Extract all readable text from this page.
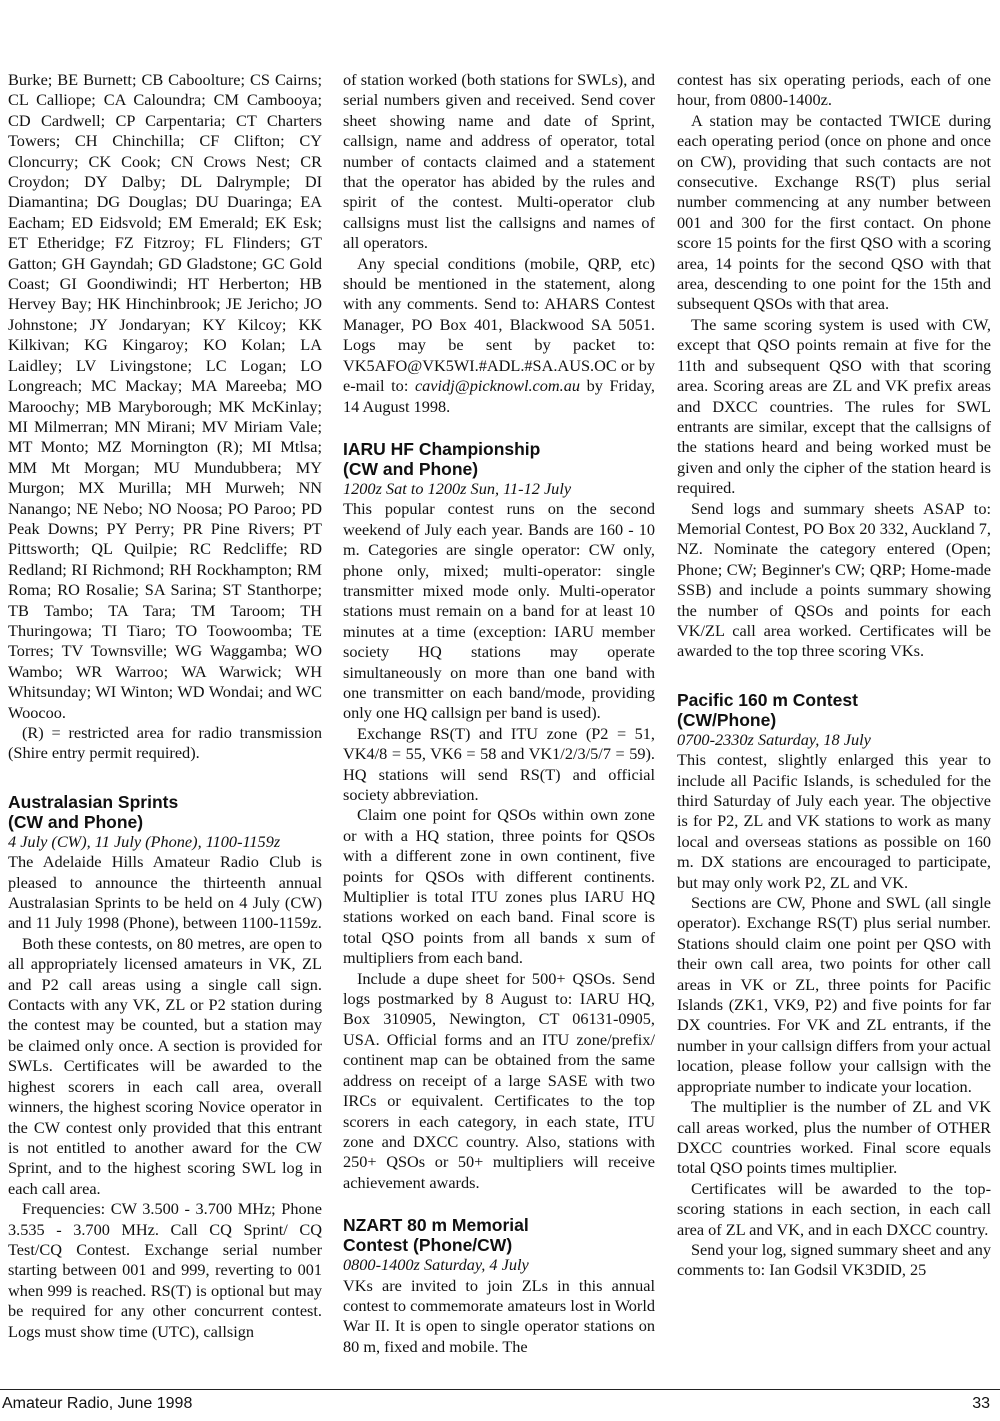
Burke; BE Burnett; CB Caboolture; CS Cairns; CL Calliope; CA Caloundra; CM Cambooya; CD Cardwell; CP Carpentaria; CT Charters Towers; CH Chinchilla; CF Clifton; CY Cloncurry; CK Cook; CN Crows Nest; CR Croydon; DY Dalby; DL Dalrymple; DI Diamantina; DG Douglas; DU Duaringa; EA Eacham; ED Eidsvold; EM Emerald; EK Esk; ET Etheridge; FZ Fitzroy; FL Flinders; GT Gatton; GH Gayndah; GD Gladstone; GC Gold Coast; GI Goondiwindi; HT Herberton; HB Hervey Bay; HK Hinchinbrook; JE Jericho; JO Johnstone; JY Jondaryan; KY Kilcoy; KK Kilkivan; KG Kingaroy; KO Kolan; LA Laidley; LV Livingstone; LC Logan; LO Longreach; MC Mackay; MA Mareeba; MO Maroochy; MB Maryborough; MK McKinlay; MI Milmerran; MN Mirani; MV Miriam Vale; MT Monto; MZ Mornington (R); MI Mtlsa; MM Mt Morgan; MU Mundubbera; MY Murgon; MX Murilla; MH Murweh; NN Nanango; NE Nebo; NO Noosa; PO Paroo; PD Peak Downs; PY Perry; PR Pine Rivers; PT Pittsworth; QL Quilpie; RC Redcliffe; RD Redland; RI Richmond; RH Rockhampton; RM Roma; RO Rosalie; SA Sarina; ST Stanthorpe; TB Tambo; TA Tara; TM Taroom; TH Thuringowa; TI Tiaro; TO Toowoomba; TE Torres; TV Townsville; WG Waggamba; WO Wambo; WR Warroo; WA Warwick; WH Whitsunday; WI Winton; WD Wondai; and WC Woocoo.

(R) = restricted area for radio transmission (Shire entry permit required).

Australasian Sprints
(CW and Phone)

4 July (CW), 11 July (Phone), 1100-1159z

The Adelaide Hills Amateur Radio Club is pleased to announce the thirteenth annual Australasian Sprints to be held on 4 July (CW) and 11 July 1998 (Phone), between 1100-1159z.

Both these contests, on 80 metres, are open to all appropriately licensed amateurs in VK, ZL and P2 call areas using a single call sign. Contacts with any VK, ZL or P2 station during the contest may be counted, but a station may be claimed only once. A section is provided for SWLs. Certificates will be awarded to the highest scorers in each call area, overall winners, the highest scoring Novice operator in the CW contest only provided that this entrant is not entitled to another award for the CW Sprint, and to the highest scoring SWL log in each call area.

Frequencies: CW 3.500 - 3.700 MHz; Phone 3.535 - 3.700 MHz. Call CQ Sprint/ CQ Test/CQ Contest. Exchange serial number starting between 001 and 999, reverting to 001 when 999 is reached. RS(T) is optional but may be required for any other concurrent contest. Logs must show time (UTC), callsign

of station worked (both stations for SWLs), and serial numbers given and received. Send cover sheet showing name and date of Sprint, callsign, name and address of operator, total number of contacts claimed and a statement that the operator has abided by the rules and spirit of the contest. Multi-operator club callsigns must list the callsigns and names of all operators.

Any special conditions (mobile, QRP, etc) should be mentioned in the statement, along with any comments. Send to: AHARS Contest Manager, PO Box 401, Blackwood SA 5051. Logs may be sent by packet to: VK5AFO@VK5WI.#ADL.#SA.AUS.OC or by e-mail to: cavidj@picknowl.com.au by Friday, 14 August 1998.

IARU HF Championship
(CW and Phone)

1200z Sat to 1200z Sun, 11-12 July

This popular contest runs on the second weekend of July each year. Bands are 160 - 10 m. Categories are single operator: CW only, phone only, mixed; multi-operator: single transmitter mixed mode only. Multi-operator stations must remain on a band for at least 10 minutes at a time (exception: IARU member society HQ stations may operate simultaneously on more than one band with one transmitter on each band/mode, providing only one HQ callsign per band is used).

Exchange RS(T) and ITU zone (P2 = 51, VK4/8 = 55, VK6 = 58 and VK1/2/3/5/7 = 59). HQ stations will send RS(T) and official society abbreviation.

Claim one point for QSOs within own zone or with a HQ station, three points for QSOs with a different zone in own continent, five points for QSOs with different continents. Multiplier is total ITU zones plus IARU HQ stations worked on each band. Final score is total QSO points from all bands x sum of multipliers from each band.

Include a dupe sheet for 500+ QSOs. Send logs postmarked by 8 August to: IARU HQ, Box 310905, Newington, CT 06131-0905, USA. Official forms and an ITU zone/prefix/ continent map can be obtained from the same address on receipt of a large SASE with two IRCs or equivalent. Certificates to the top scorers in each category, in each state, ITU zone and DXCC country. Also, stations with 250+ QSOs or 50+ multipliers will receive achievement awards.

NZART 80 m Memorial
Contest (Phone/CW)

0800-1400z Saturday, 4 July

VKs are invited to join ZLs in this annual contest to commemorate amateurs lost in World War II. It is open to single operator stations on 80 m, fixed and mobile. The

contest has six operating periods, each of one hour, from 0800-1400z.

A station may be contacted TWICE during each operating period (once on phone and once on CW), providing that such contacts are not consecutive. Exchange RS(T) plus serial number commencing at any number between 001 and 300 for the first contact. On phone score 15 points for the first QSO with a scoring area, 14 points for the second QSO with that area, descending to one point for the 15th and subsequent QSOs with that area.

The same scoring system is used with CW, except that QSO points remain at five for the 11th and subsequent QSO with that scoring area. Scoring areas are ZL and VK prefix areas and DXCC countries. The rules for SWL entrants are similar, except that the callsigns of the stations heard and being worked must be given and only the cipher of the station heard is required.

Send logs and summary sheets ASAP to: Memorial Contest, PO Box 20 332, Auckland 7, NZ. Nominate the category entered (Open; Phone; CW; Beginner's CW; QRP; Home-made SSB) and include a points summary showing the number of QSOs and points for each VK/ZL call area worked. Certificates will be awarded to the top three scoring VKs.

Pacific 160 m Contest
(CW/Phone)

0700-2330z Saturday, 18 July

This contest, slightly enlarged this year to include all Pacific Islands, is scheduled for the third Saturday of July each year. The objective is for P2, ZL and VK stations to work as many local and overseas stations as possible on 160 m. DX stations are encouraged to participate, but may only work P2, ZL and VK.

Sections are CW, Phone and SWL (all single operator). Exchange RS(T) plus serial number. Stations should claim one point per QSO with their own call area, two points for other call areas in VK or ZL, three points for Pacific Islands (ZK1, VK9, P2) and five points for far DX countries. For VK and ZL entrants, if the number in your callsign differs from your actual location, please follow your callsign with the appropriate number to indicate your location.

The multiplier is the number of ZL and VK call areas worked, plus the number of OTHER DXCC countries worked. Final score equals total QSO points times multiplier.

Certificates will be awarded to the top-scoring stations in each section, in each call area of ZL and VK, and in each DXCC country.

Send your log, signed summary sheet and any comments to: Ian Godsil VK3DID, 25

Amateur Radio, June 1998	33
